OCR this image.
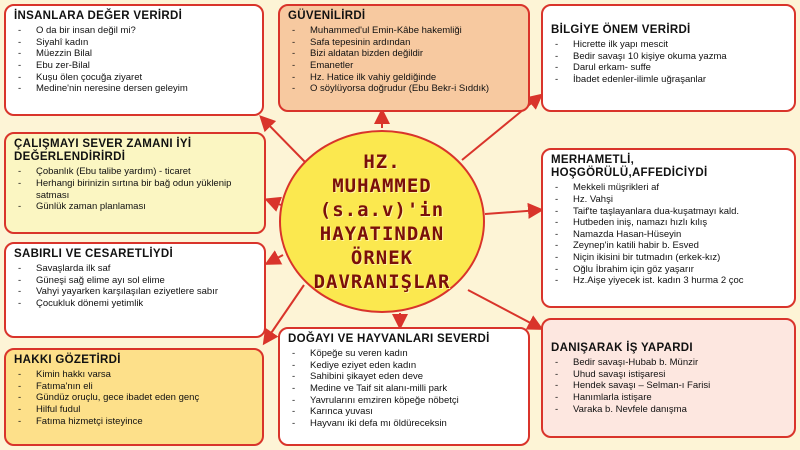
İNSANLARA DEĞER VERİRDİ
- O da bir insan değil mi?
- Siyahî kadın
- Müezzin Bilal
- Ebu zer-Bilal
- Kuşu ölen çocuğa ziyaret
- Medine'nin neresine dersen geleyim
GÜVENİLİRDİ
- Muhammed'ul Emin-Kâbe hakemliği
- Safa tepesinin ardından
- Bizi aldatan bizden değildir
- Emanetler
- Hz. Hatice ilk vahiy geldiğinde
- O söylüyorsa doğrudur (Ebu Bekr-i Sıddık)
BİLGİYE ÖNEM VERİRDİ
- Hicrette ilk yapı mescit
- Bedir savaşı 10 kişiye okuma yazma
- Darul erkam- suffe
- İbadet edenler-ilimle uğraşanlar
ÇALIŞMAYI SEVER ZAMANI İYİ DEĞERLENDİRİRDİ
- Çobanlık (Ebu talibe yardım) - ticaret
- Herhangi birinizin sırtına bir bağ odun yüklenip satması
- Günlük zaman planlaması
MERHAMETLİ, HOŞGÖRÜLÜ,AFFEDİCİYDİ
- Mekkeli müşrikleri af
- Hz. Vahşi
- Taif'te taşlayanlara dua-kuşatmayı kald.
- Hutbeden iniş, namazı hızlı kılış
- Namazda Hasan-Hüseyin
- Zeynep'in katili habir b. Esved
- Niçin ikisini bir tutmadın (erkek-kız)
- Oğlu İbrahim için göz yaşarır
- Hz.Aişe yiyecek ist. kadın 3 hurma 2 çoc
SABIRLI VE CESARETLİYDİ
- Savaşlarda ilk saf
- Güneşi sağ elime ayı sol elime
- Vahyi yayarken karşılaşılan eziyetlere sabır
- Çocukluk dönemi yetimlik
HAKKI GÖZETİRDİ
- Kimin hakkı varsa
- Fatıma'nın eli
- Gündüz oruçlu, gece ibadet eden genç
- Hilful fudul
- Fatıma hizmetçi isteyince
DOĞAYI VE HAYVANLARI SEVERDİ
- Köpeğe su veren kadın
- Kediye eziyet eden kadın
- Sahibini şikayet eden deve
- Medine ve Taif sit alanı-milli park
- Yavrularını emziren köpeğe nöbetçi
- Karınca yuvası
- Hayvanı iki defa mı öldüreceksin
DANIŞARAK İŞ YAPARDI
- Bedir savaşı-Hubab b. Münzir
- Uhud savaşı istişaresi
- Hendek savaşı – Selman-ı Farisi
- Hanımlarla istişare
- Varaka b. Nevfele danışma
HZ.
MUHAMMED
(s.a.v)'in
HAYATINDAN
ÖRNEK
DAVRANIŞLAR
